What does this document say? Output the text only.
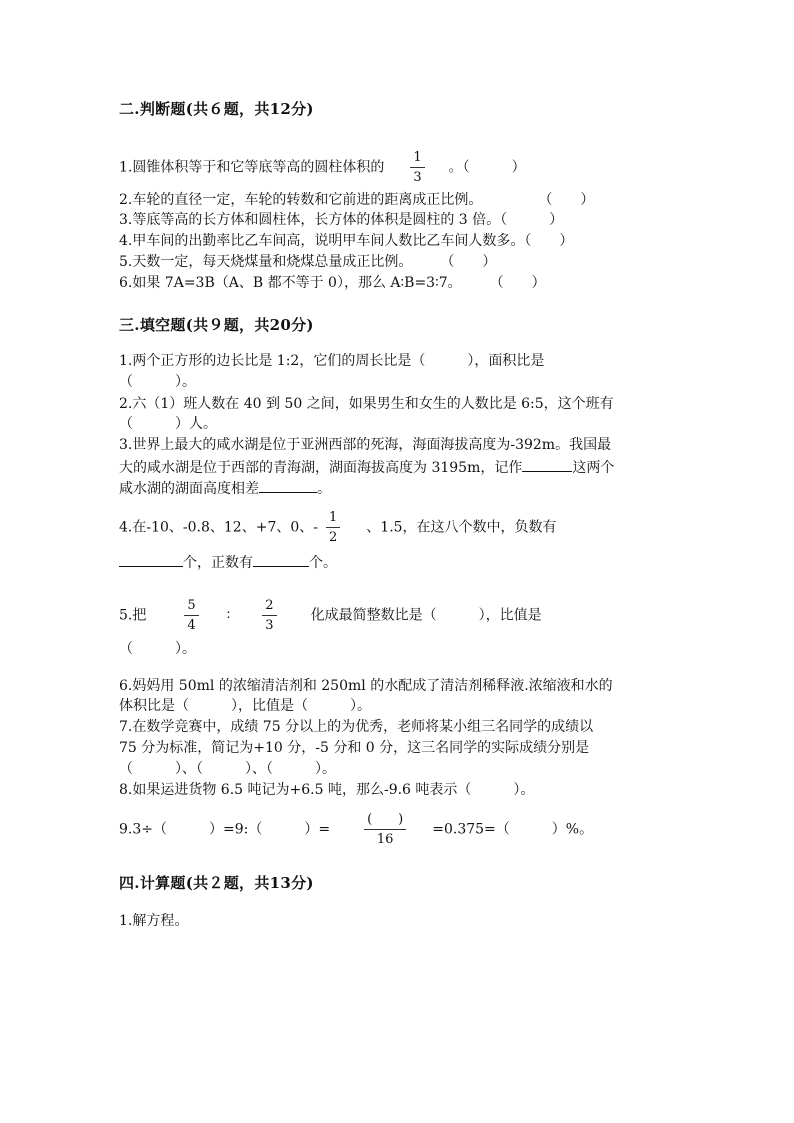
二.判断题(共６题，共12分)
1.圆锥体积等于和它等底等高的圆柱体积的 $\frac{1}{3}$ 。（　　　）
2.车轮的直径一定，车轮的转数和它前进的距离成正比例。　　　　　（　　）
3.等底等高的长方体和圆柱体，长方体的体积是圆柱的 3 倍。（　　　）
4.甲车间的出勤率比乙车间高，说明甲车间人数比乙车间人数多。（　　）
5.天数一定，每天烧煤量和烧煤总量成正比例。　　　（　　）
6.如果 7A=3B（A、B 都不等于 0），那么 A∶B=3∶7。　　　（　　）
三.填空题(共９题，共20分)
1.两个正方形的边长比是 1:2，它们的周长比是（　　　），面积比是
（　　　）。
2.六（1）班人数在 40 到 50 之间，如果男生和女生的人数比是 6:5，这个班有
（　　　）人。
3.世界上最大的咸水湖是位于亚洲西部的死海，海面海拔高度为-392m。我国最
大的咸水湖是位于西部的青海湖，湖面海拔高度为 3195m，记作	这两个
咸水湖的湖面高度相差	。
4.在-10、-0.8、12、+7、0、- $\frac{1}{2}$ 、1.5，在这八个数中，负数有
个，正数有	个。
5.把	$\frac{5}{4}$ ∶ $\frac{2}{3}$ 化成最简整数比是（　　　），比值是
（　　　）。
6.妈妈用 50ml 的浓缩清洁剂和 250ml 的水配成了清洁剂稀释液.浓缩液和水的
体积比是（　　　），比值是（　　　）。
7.在数学竞赛中，成绩 75 分以上的为优秀，老师将某小组三名同学的成绩以
75 分为标准，简记为+10 分，-5 分和 0 分，这三名同学的实际成绩分别是
（　　　）、（　　　）、（　　　）。
8.如果运进货物 6.5 吨记为+6.5 吨，那么-9.6 吨表示（　　　）。
9.3÷（　　　）=9:（　　　）=	$\frac{( )}{16} =0.375=$（　　　）%。
四.计算题(共２题，共13分)
1.解方程。
